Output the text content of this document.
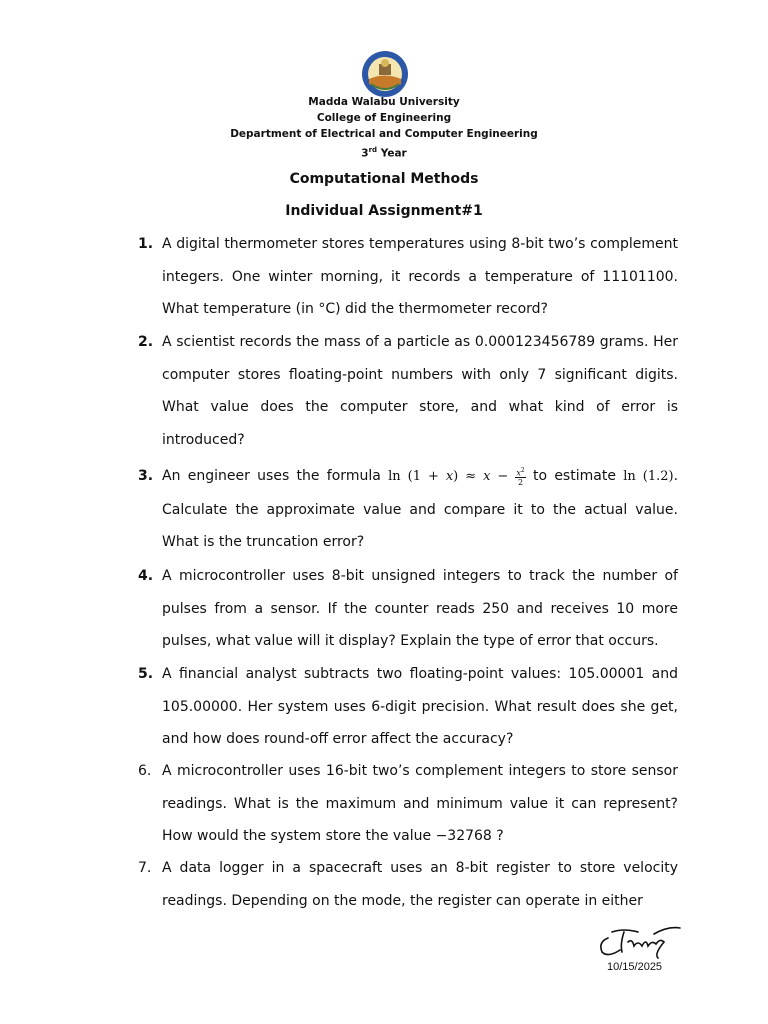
Madda Walabu University
College of Engineering
Department of Electrical and Computer Engineering
3rd Year
Computational Methods
Individual Assignment#1
1. A digital thermometer stores temperatures using 8-bit two’s complement integers. One winter morning, it records a temperature of 11101100. What temperature (in °C) did the thermometer record?
2. A scientist records the mass of a particle as 0.000123456789 grams. Her computer stores floating-point numbers with only 7 significant digits. What value does the computer store, and what kind of error is introduced?
3. An engineer uses the formula $\ln (1 + x) \approx x - \frac{x^2}{2}$ to estimate ln (1.2). Calculate the approximate value and compare it to the actual value. What is the truncation error?
4. A microcontroller uses 8-bit unsigned integers to track the number of pulses from a sensor. If the counter reads 250 and receives 10 more pulses, what value will it display? Explain the type of error that occurs.
5. A financial analyst subtracts two floating-point values: 105.00001 and 105.00000. Her system uses 6-digit precision. What result does she get, and how does round-off error affect the accuracy?
6. A microcontroller uses 16-bit two’s complement integers to store sensor readings. What is the maximum and minimum value it can represent? How would the system store the value −32768 ?
7. A data logger in a spacecraft uses an 8-bit register to store velocity readings. Depending on the mode, the register can operate in either
10/15/2025
